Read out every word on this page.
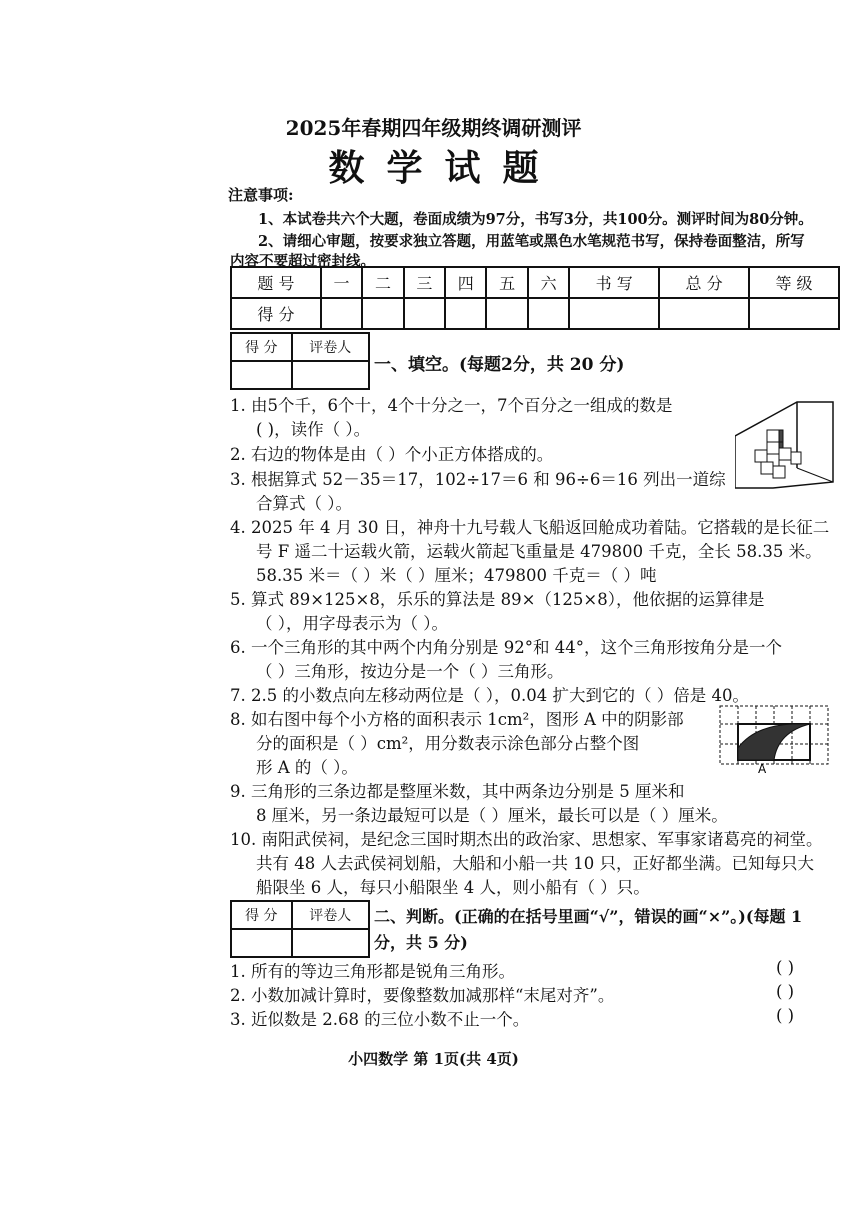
2025年春期四年级期终调研测评
数学试题
注意事项:
1、本试卷共六个大题，卷面成绩为97分，书写3分，共100分。测评时间为80分钟。
2、请细心审题，按要求独立答题，用蓝笔或黑色水笔规范书写，保持卷面整洁，所写
内容不要超过密封线。
题 号	一	二	三	四	五	六	书 写	总 分	等 级
得 分									
得 分	评卷人

一、填空。(每题2分，共 20 分)
1. 由5个千，6个十，4个十分之一，7个百分之一组成的数是
( )，读作（ ）。
2. 右边的物体是由（ ）个小正方体搭成的。
3. 根据算式 52－35＝17，102÷17＝6 和 96÷6＝16 列出一道综
合算式（ ）。
4. 2025 年 4 月 30 日，神舟十九号载人飞船返回舱成功着陆。它搭载的是长征二
号 F 遥二十运载火箭，运载火箭起飞重量是 479800 千克，全长 58.35 米。
58.35 米＝（ ）米（ ）厘米；479800 千克＝（ ）吨
5. 算式 89×125×8，乐乐的算法是 89×（125×8），他依据的运算律是
（ ），用字母表示为（ ）。
6. 一个三角形的其中两个内角分别是 92°和 44°，这个三角形按角分是一个
（ ）三角形，按边分是一个（ ）三角形。
7. 2.5 的小数点向左移动两位是（ ），0.04 扩大到它的（ ）倍是 40。
8. 如右图中每个小方格的面积表示 1cm²，图形 A 中的阴影部
分的面积是（ ）cm²，用分数表示涂色部分占整个图
形 A 的（ ）。
9. 三角形的三条边都是整厘米数，其中两条边分别是 5 厘米和
8 厘米，另一条边最短可以是（ ）厘米，最长可以是（ ）厘米。
10. 南阳武侯祠，是纪念三国时期杰出的政治家、思想家、军事家诸葛亮的祠堂。
共有 48 人去武侯祠划船，大船和小船一共 10 只，正好都坐满。已知每只大
船限坐 6 人，每只小船限坐 4 人，则小船有（ ）只。
A
得 分	评卷人
	二、判断。(正确的在括号里画“√”，错误的画“×”。)(每题 1
分，共 5 分)
1. 所有的等边三角形都是锐角三角形。	( )
2. 小数加减计算时，要像整数加减那样“末尾对齐”。	( )
3. 近似数是 2.68 的三位小数不止一个。	( )
小四数学 第 1页(共 4页)
